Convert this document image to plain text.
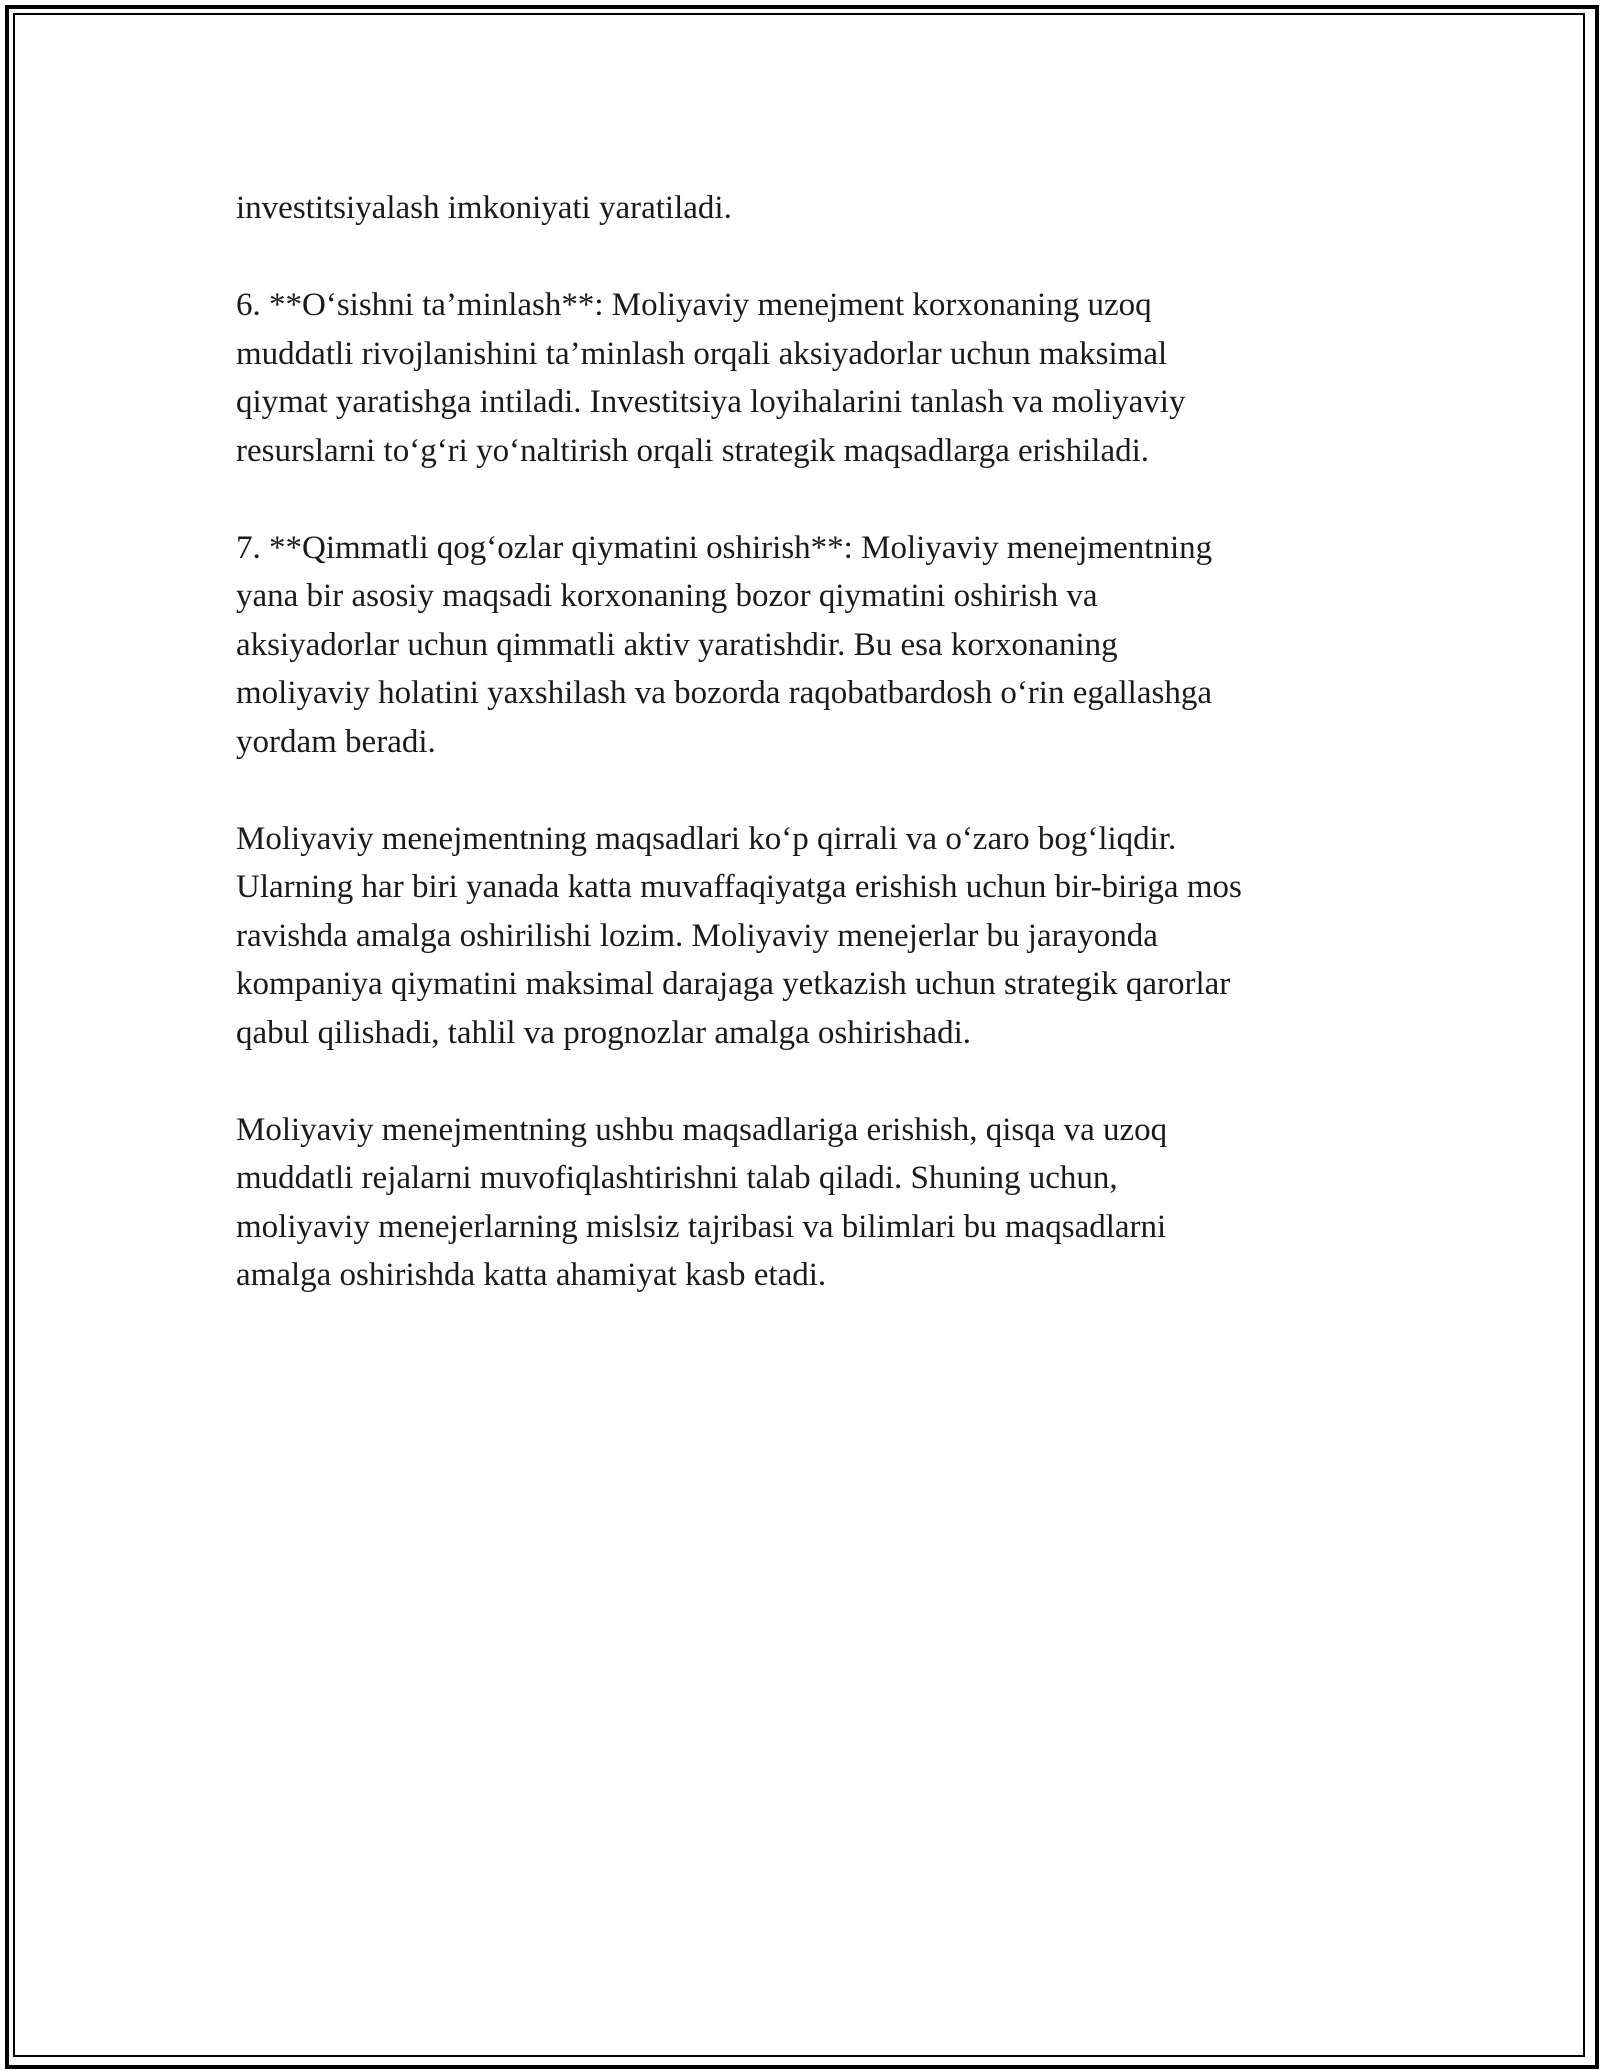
investitsiyalash imkoniyati yaratiladi.

6. **O‘sishni ta’minlash**: Moliyaviy menejment korxonaning uzoq
muddatli rivojlanishini ta’minlash orqali aksiyadorlar uchun maksimal
qiymat yaratishga intiladi. Investitsiya loyihalarini tanlash va moliyaviy
resurslarni to‘g‘ri yo‘naltirish orqali strategik maqsadlarga erishiladi.

7. **Qimmatli qog‘ozlar qiymatini oshirish**: Moliyaviy menejmentning
yana bir asosiy maqsadi korxonaning bozor qiymatini oshirish va
aksiyadorlar uchun qimmatli aktiv yaratishdir. Bu esa korxonaning
moliyaviy holatini yaxshilash va bozorda raqobatbardosh o‘rin egallashga
yordam beradi.

Moliyaviy menejmentning maqsadlari ko‘p qirrali va o‘zaro bog‘liqdir.
Ularning har biri yanada katta muvaffaqiyatga erishish uchun bir-biriga mos
ravishda amalga oshirilishi lozim. Moliyaviy menejerlar bu jarayonda
kompaniya qiymatini maksimal darajaga yetkazish uchun strategik qarorlar
qabul qilishadi, tahlil va prognozlar amalga oshirishadi.

Moliyaviy menejmentning ushbu maqsadlariga erishish, qisqa va uzoq
muddatli rejalarni muvofiqlashtirishni talab qiladi. Shuning uchun,
moliyaviy menejerlarning mislsiz tajribasi va bilimlari bu maqsadlarni
amalga oshirishda katta ahamiyat kasb etadi.
